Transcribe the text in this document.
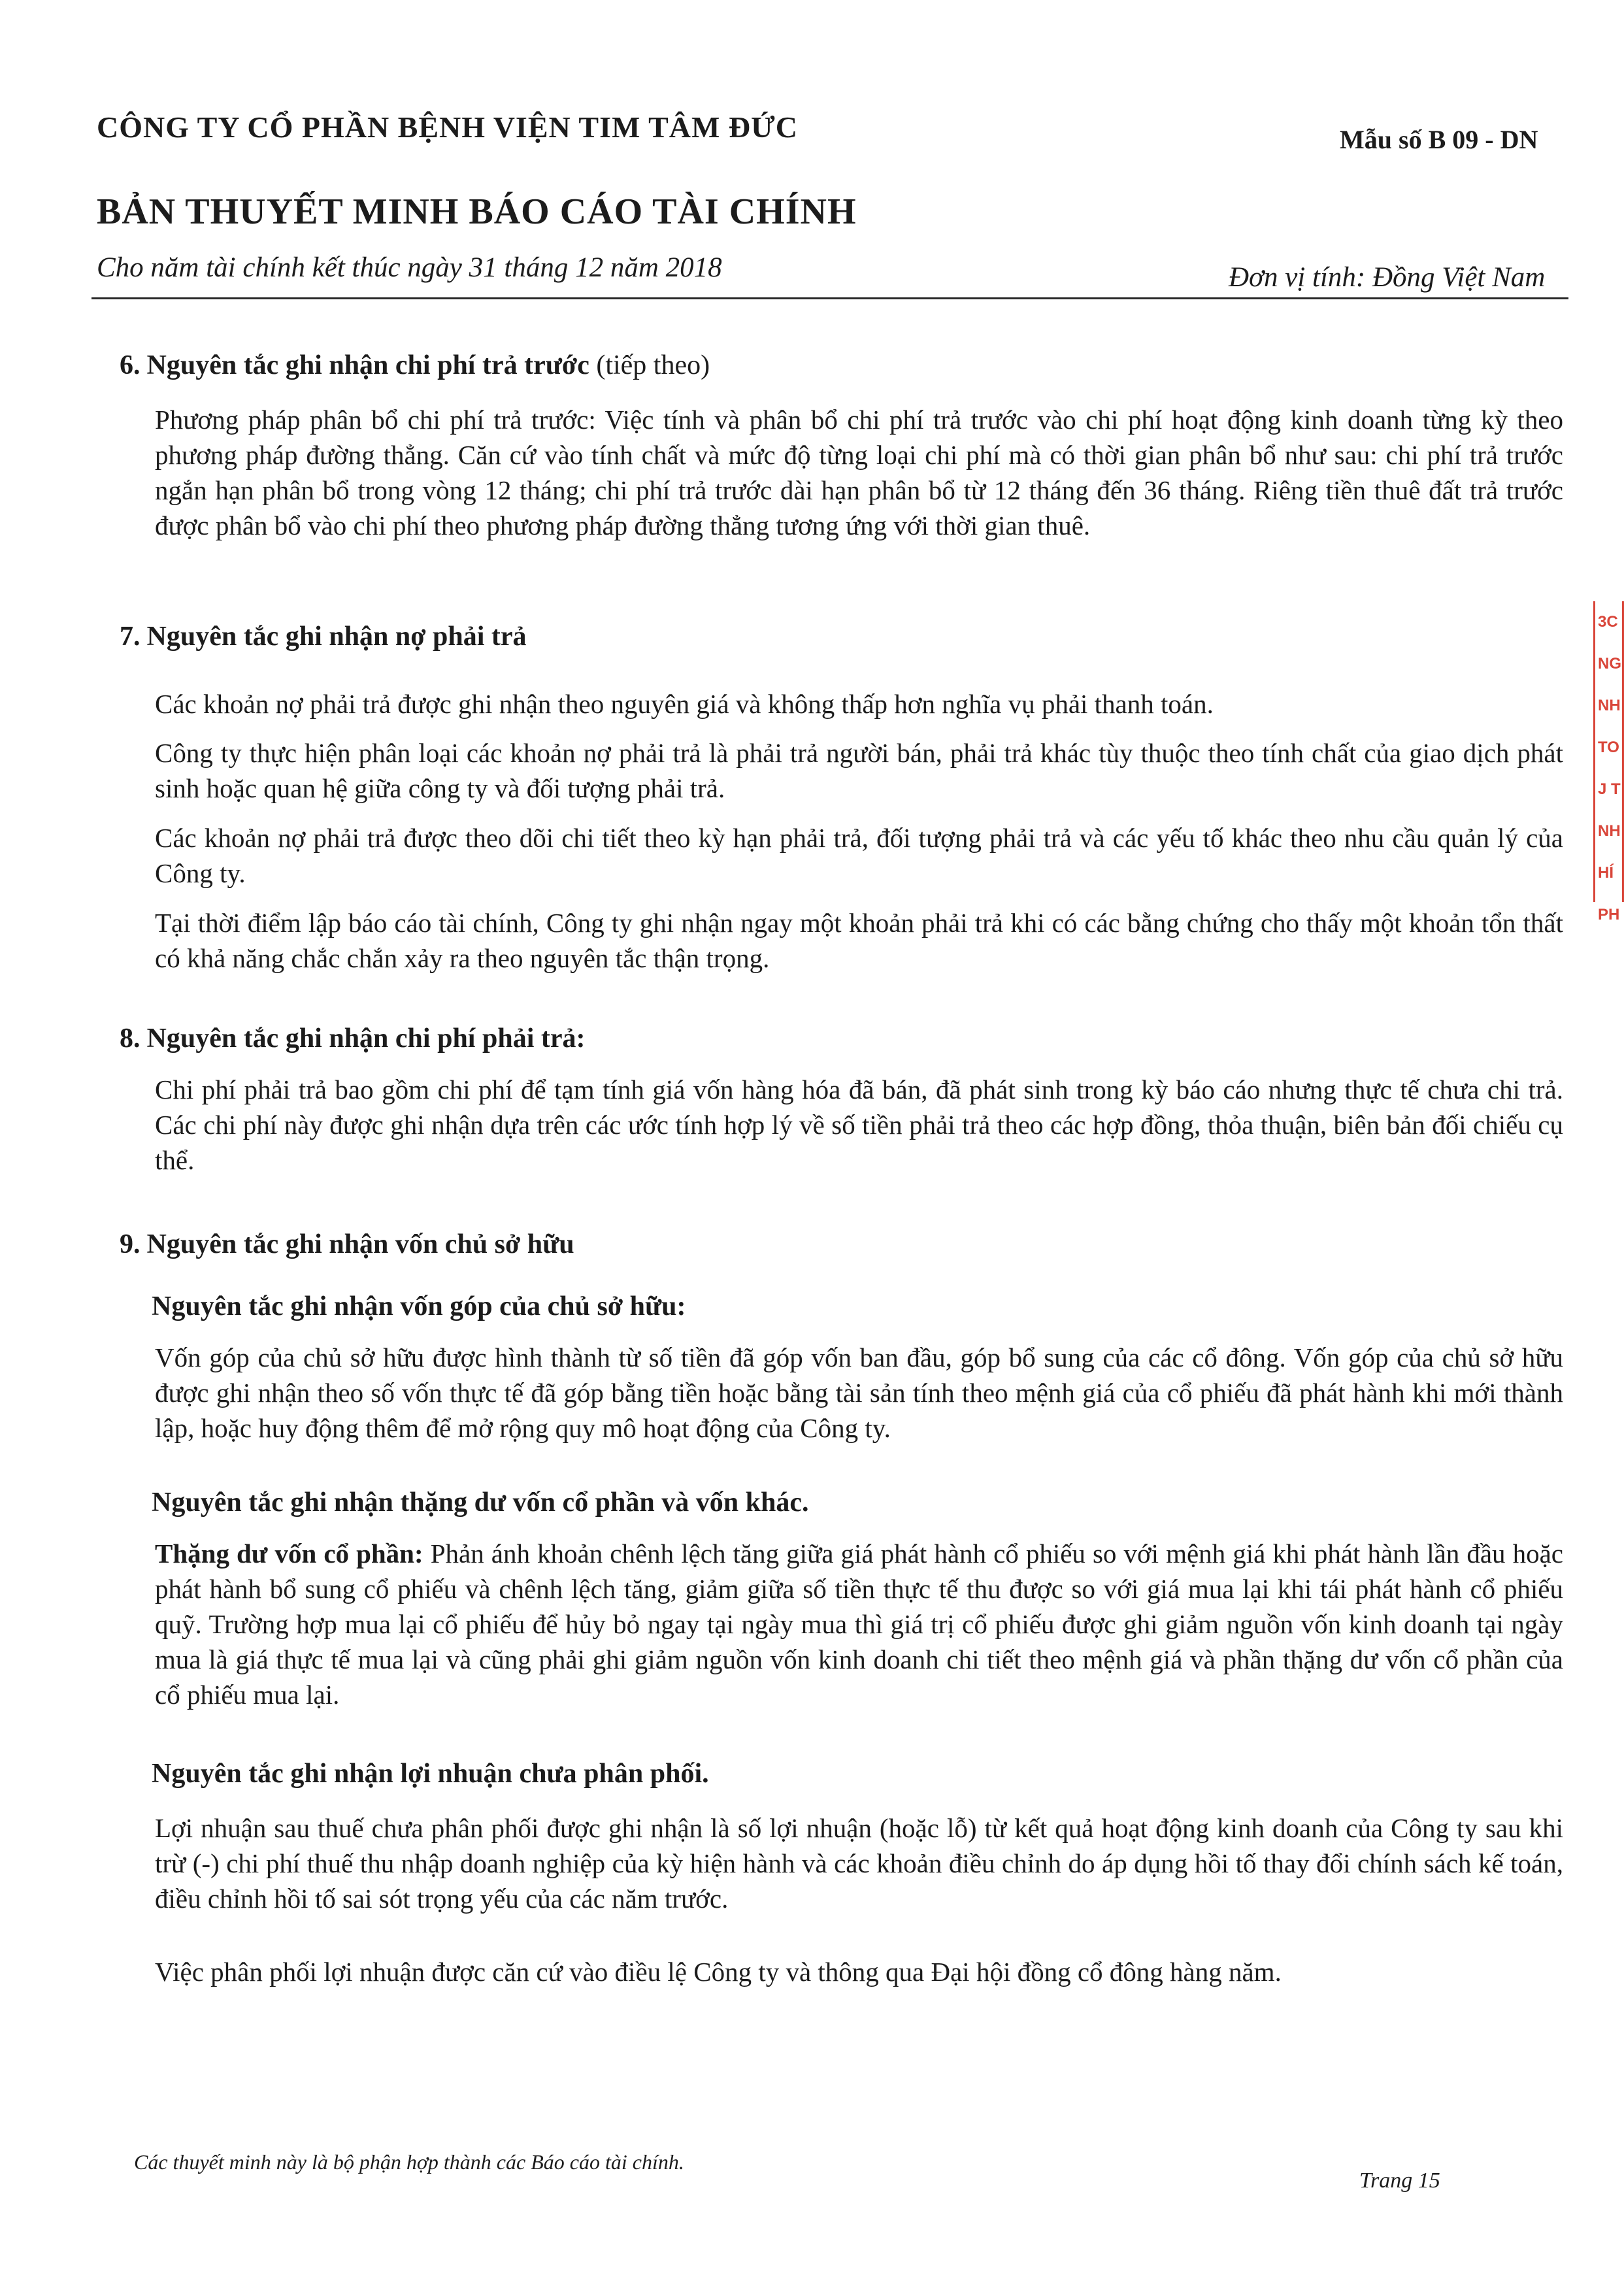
CÔNG TY CỔ PHẦN BỆNH VIỆN TIM TÂM ĐỨC	Mẫu số B 09 - DN
BẢN THUYẾT MINH BÁO CÁO TÀI CHÍNH
Cho năm tài chính kết thúc ngày 31 tháng 12 năm 2018	Đơn vị tính: Đồng Việt Nam
6. Nguyên tắc ghi nhận chi phí trả trước (tiếp theo)

Phương pháp phân bổ chi phí trả trước: Việc tính và phân bổ chi phí trả trước vào chi phí hoạt động kinh doanh từng kỳ theo phương pháp đường thẳng. Căn cứ vào tính chất và mức độ từng loại chi phí mà có thời gian phân bổ như sau: chi phí trả trước ngắn hạn phân bổ trong vòng 12 tháng; chi phí trả trước dài hạn phân bổ từ 12 tháng đến 36 tháng. Riêng tiền thuê đất trả trước được phân bổ vào chi phí theo phương pháp đường thẳng tương ứng với thời gian thuê.

7. Nguyên tắc ghi nhận nợ phải trả

Các khoản nợ phải trả được ghi nhận theo nguyên giá và không thấp hơn nghĩa vụ phải thanh toán.

Công ty thực hiện phân loại các khoản nợ phải trả là phải trả người bán, phải trả khác tùy thuộc theo tính chất của giao dịch phát sinh hoặc quan hệ giữa công ty và đối tượng phải trả.

Các khoản nợ phải trả được theo dõi chi tiết theo kỳ hạn phải trả, đối tượng phải trả và các yếu tố khác theo nhu cầu quản lý của Công ty.

Tại thời điểm lập báo cáo tài chính, Công ty ghi nhận ngay một khoản phải trả khi có các bằng chứng cho thấy một khoản tổn thất có khả năng chắc chắn xảy ra theo nguyên tắc thận trọng.

8. Nguyên tắc ghi nhận chi phí phải trả:

Chi phí phải trả bao gồm chi phí để tạm tính giá vốn hàng hóa đã bán, đã phát sinh trong kỳ báo cáo nhưng thực tế chưa chi trả. Các chi phí này được ghi nhận dựa trên các ước tính hợp lý về số tiền phải trả theo các hợp đồng, thỏa thuận, biên bản đối chiếu cụ thể.

9. Nguyên tắc ghi nhận vốn chủ sở hữu
Nguyên tắc ghi nhận vốn góp của chủ sở hữu:

Vốn góp của chủ sở hữu được hình thành từ số tiền đã góp vốn ban đầu, góp bổ sung của các cổ đông. Vốn góp của chủ sở hữu được ghi nhận theo số vốn thực tế đã góp bằng tiền hoặc bằng tài sản tính theo mệnh giá của cổ phiếu đã phát hành khi mới thành lập, hoặc huy động thêm để mở rộng quy mô hoạt động của Công ty.

Nguyên tắc ghi nhận thặng dư vốn cổ phần và vốn khác.

Thặng dư vốn cổ phần: Phản ánh khoản chênh lệch tăng giữa giá phát hành cổ phiếu so với mệnh giá khi phát hành lần đầu hoặc phát hành bổ sung cổ phiếu và chênh lệch tăng, giảm giữa số tiền thực tế thu được so với giá mua lại khi tái phát hành cổ phiếu quỹ. Trường hợp mua lại cổ phiếu để hủy bỏ ngay tại ngày mua thì giá trị cổ phiếu được ghi giảm nguồn vốn kinh doanh tại ngày mua là giá thực tế mua lại và cũng phải ghi giảm nguồn vốn kinh doanh chi tiết theo mệnh giá và phần thặng dư vốn cổ phần của cổ phiếu mua lại.

Nguyên tắc ghi nhận lợi nhuận chưa phân phối.

Lợi nhuận sau thuế chưa phân phối được ghi nhận là số lợi nhuận (hoặc lỗ) từ kết quả hoạt động kinh doanh của Công ty sau khi trừ (-) chi phí thuế thu nhập doanh nghiệp của kỳ hiện hành và các khoản điều chỉnh do áp dụng hồi tố thay đổi chính sách kế toán, điều chỉnh hồi tố sai sót trọng yếu của các năm trước.

Việc phân phối lợi nhuận được căn cứ vào điều lệ Công ty và thông qua Đại hội đồng cổ đông hàng năm.

Các thuyết minh này là bộ phận hợp thành các Báo cáo tài chính.
Trang 15
3C
NG
NH
TO
J T
NH
HÍ
PH
